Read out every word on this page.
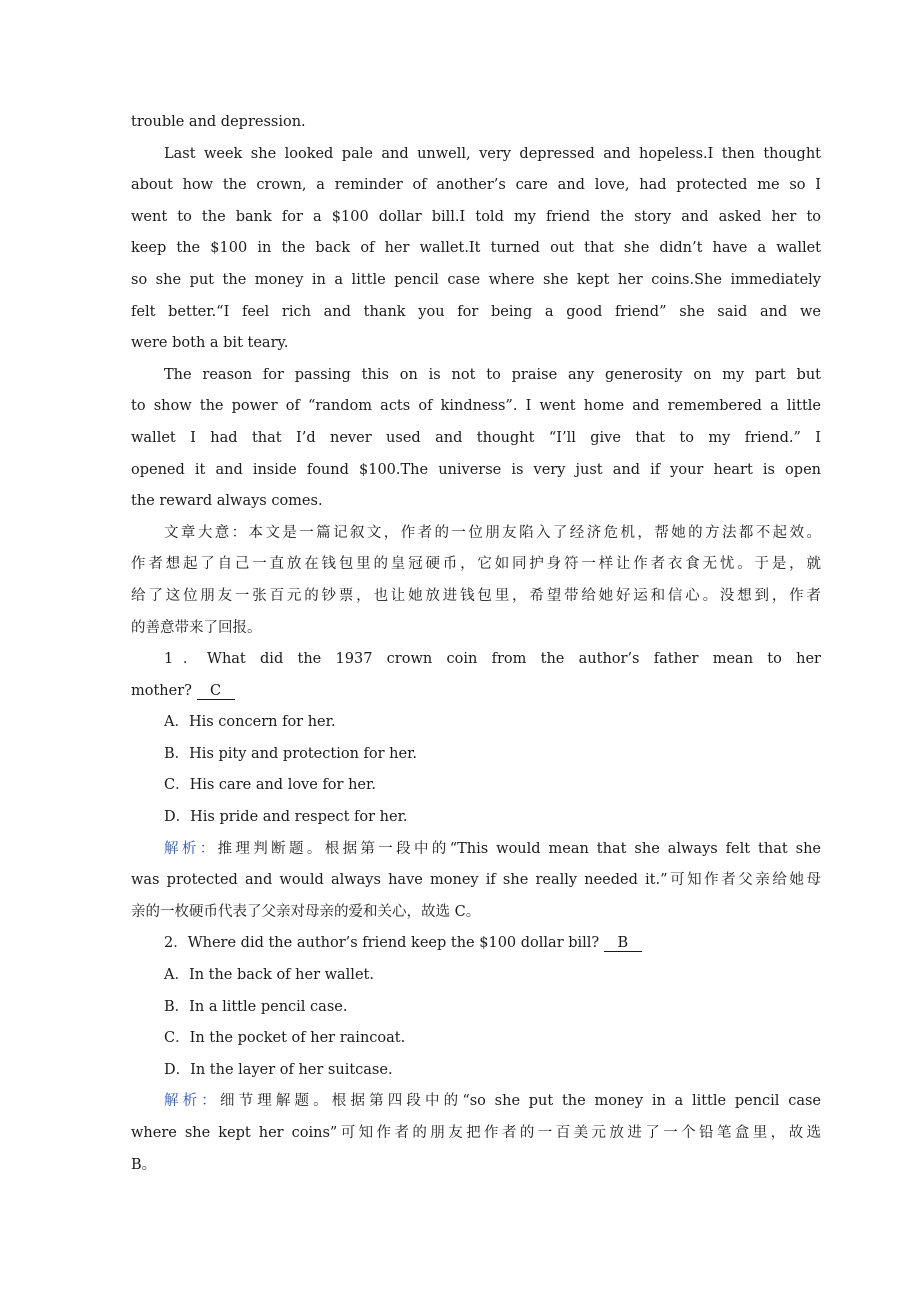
trouble and depression.
Last week she looked pale and unwell, very depressed and hopeless.I then thought
about how the crown, a reminder of another’s care and love, had protected me so I
went to the bank for a $100 dollar bill.I told my friend the story and asked her to
keep the $100 in the back of her wallet.It turned out that she didn’t have a wallet
so she put the money in a little pencil case where she kept her coins.She immediately
felt better.“I feel rich and thank you for being a good friend” she said and we
were both a bit teary.
The reason for passing this on is not to praise any generosity on my part but
to show the power of “random acts of kindness”. I went home and remembered a little
wallet I had that I’d never used and thought “I’ll give that to my friend.” I
opened it and inside found $100.The universe is very just and if your heart is open
the reward always comes.
文章大意：本文是一篇记叙文，作者的一位朋友陷入了经济危机，帮她的方法都不起效。
作者想起了自己一直放在钱包里的皇冠硬币，它如同护身符一样让作者衣食无忧。于是，就
给了这位朋友一张百元的钞票，也让她放进钱包里，希望带给她好运和信心。没想到，作者
的善意带来了回报。
1．What did the 1937 crown coin from the author’s father mean to her
mother? C
A．His concern for her.
B．His pity and protection for her.
C．His care and love for her.
D．His pride and respect for her.
解析：推理判断题。根据第一段中的“This would mean that she always felt that she
was protected and would always have money if she really needed it.”可知作者父亲给她母
亲的一枚硬币代表了父亲对母亲的爱和关心，故选 C。
2．Where did the author’s friend keep the $100 dollar bill? B
A．In the back of her wallet.
B．In a little pencil case.
C．In the pocket of her raincoat.
D．In the layer of her suitcase.
解析：细节理解题。根据第四段中的“so she put the money in a little pencil case
where she kept her coins”可知作者的朋友把作者的一百美元放进了一个铅笔盒里，故选
B。
